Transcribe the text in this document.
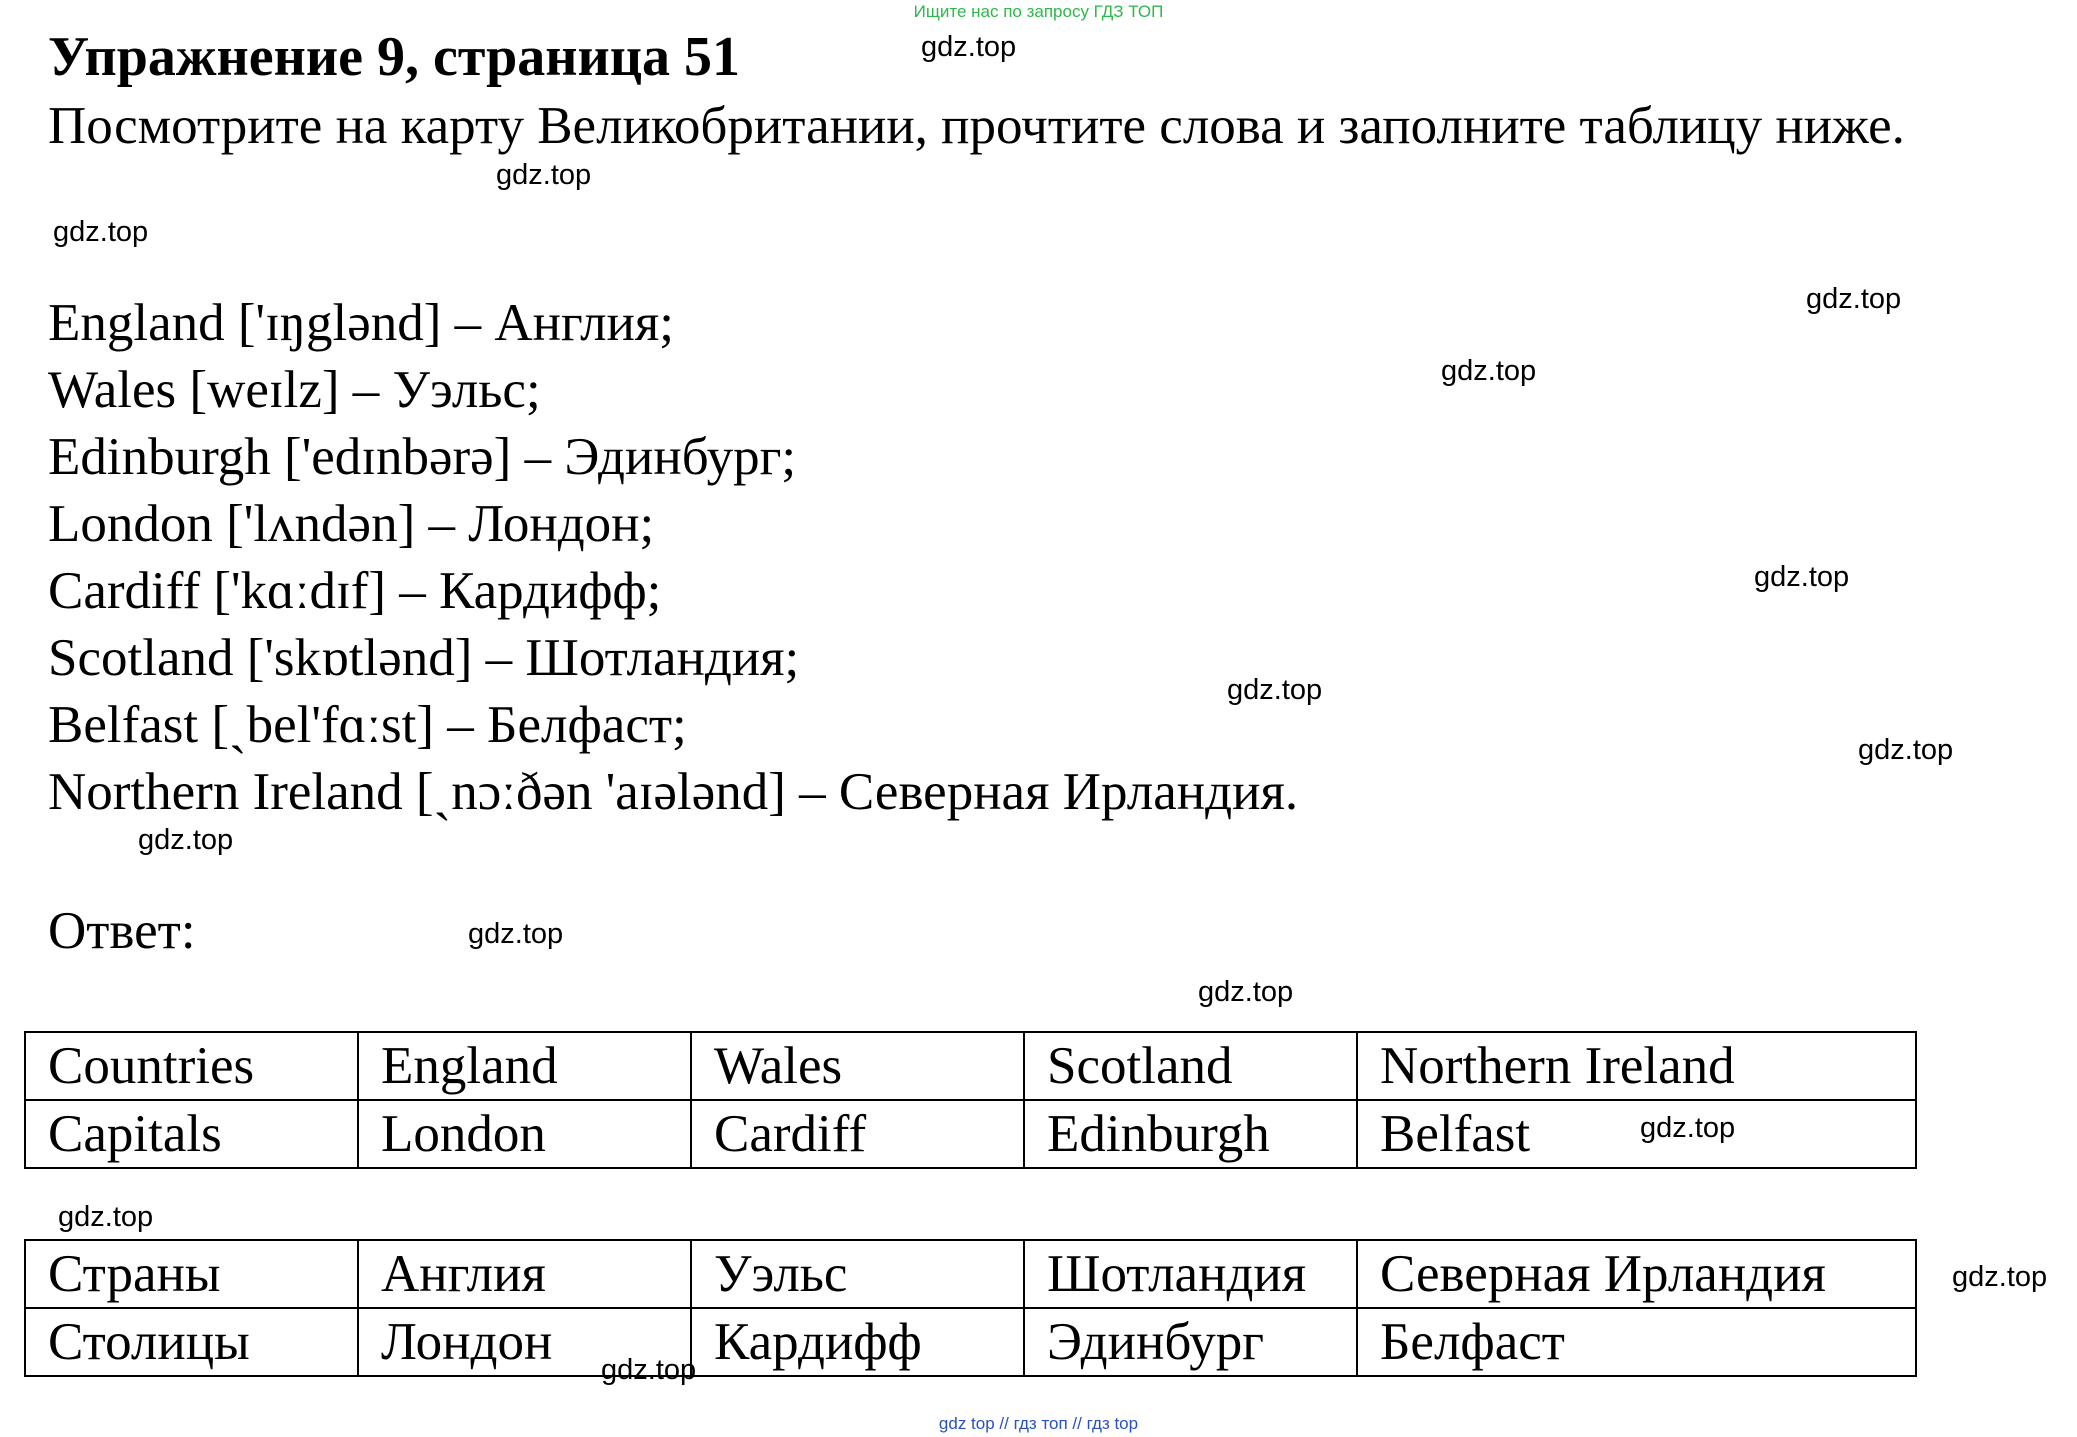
Ищите нас по запросу ГДЗ ТОП
Упражнение 9, страница 51

Посмотрите на карту Великобритании, прочтите слова и заполните таблицу ниже.

England ['ɪŋglənd] – Англия;
Wales [weɪlz] – Уэльс;
Edinburgh ['edɪnbərə] – Эдинбург;
London ['lʌndən] – Лондон;
Cardiff ['kɑːdɪf] – Кардифф;
Scotland ['skɒtlənd] – Шотландия;
Belfast [ˏbel'fɑːst] – Белфаст;
Northern Ireland [ˏnɔːðən 'aɪələnd] – Северная Ирландия.
Ответ:
Countries	England	Wales	Scotland	Northern Ireland
Capitals	London	Cardiff	Edinburgh	Belfast
Страны	Англия	Уэльс	Шотландия	Северная Ирландия
Столицы	Лондон	Кардифф	Эдинбург	Белфаст
gdz.top
gdz.top
gdz.top
gdz.top
gdz.top
gdz.top
gdz.top
gdz.top
gdz.top
gdz.top
gdz.top
gdz.top
gdz.top
gdz.top
gdz.top
gdz top // гдз топ // гдз top
